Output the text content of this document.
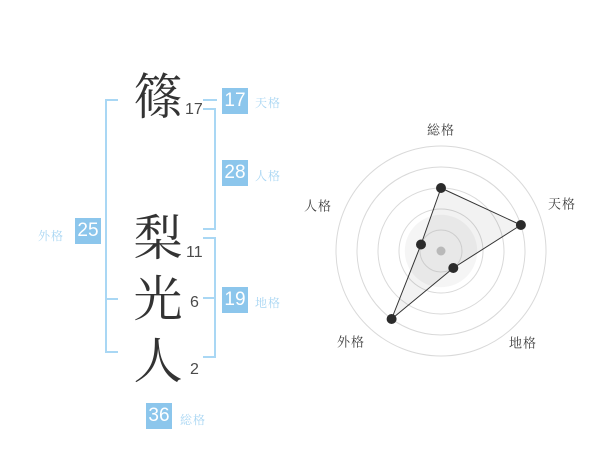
篠
梨
光
人
17
11
6
2
17 天格
28 人格
19 地格
外格 25
36 総格
総格
天格
地格
外格
人格
